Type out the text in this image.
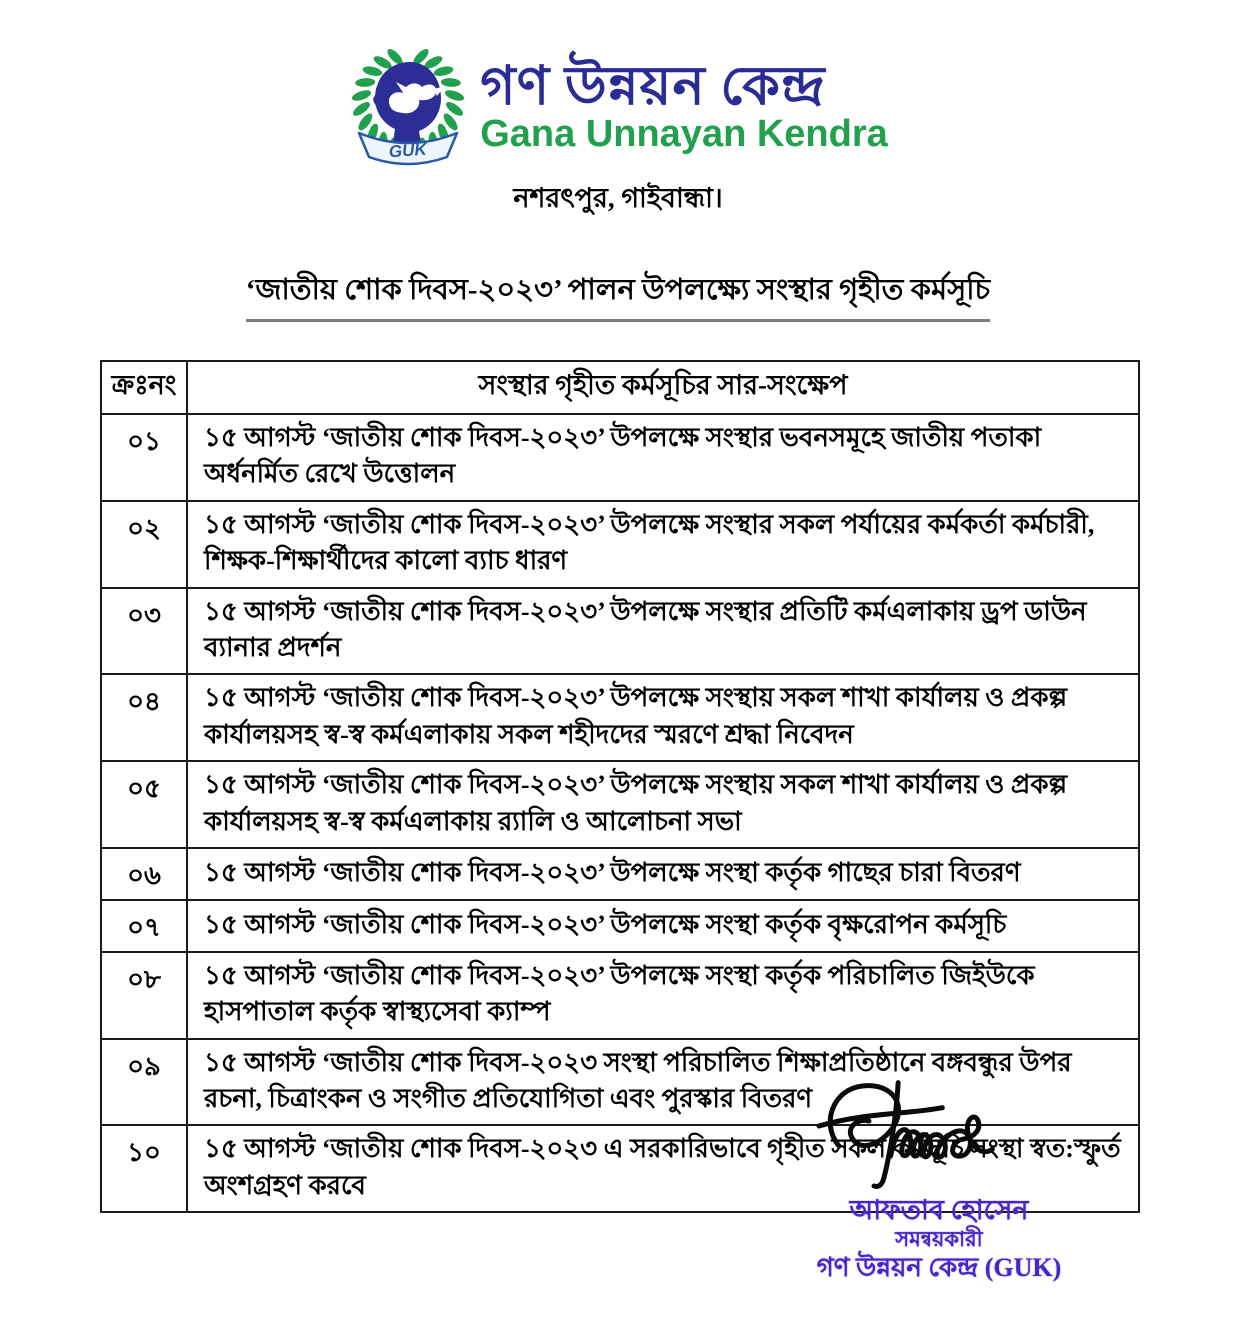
GUK
গণ উন্নয়ন কেন্দ্র
Gana Unnayan Kendra
নশরৎপুর, গাইবান্ধা।
‘জাতীয় শোক দিবস-২০২৩’ পালন উপলক্ষ্যে সংস্থার গৃহীত কর্মসূচি
ক্রঃনং	সংস্থার গৃহীত কর্মসূচির সার-সংক্ষেপ
০১	১৫ আগস্ট ‘জাতীয় শোক দিবস-২০২৩’ উপলক্ষে সংস্থার ভবনসমূহে জাতীয় পতাকা অর্ধনর্মিত রেখে উত্তোলন
০২	১৫ আগস্ট ‘জাতীয় শোক দিবস-২০২৩’ উপলক্ষে সংস্থার সকল পর্যায়ের কর্মকর্তা কর্মচারী, শিক্ষক-শিক্ষার্থীদের কালো ব্যাচ ধারণ
০৩	১৫ আগস্ট ‘জাতীয় শোক দিবস-২০২৩’ উপলক্ষে সংস্থার প্রতিটি কর্মএলাকায় ড্রপ ডাউন ব্যানার প্রদর্শন
০৪	১৫ আগস্ট ‘জাতীয় শোক দিবস-২০২৩’ উপলক্ষে সংস্থায় সকল শাখা কার্যালয় ও প্রকল্প কার্যালয়সহ স্ব-স্ব কর্মএলাকায় সকল শহীদদের স্মরণে শ্রদ্ধা নিবেদন
০৫	১৫ আগস্ট ‘জাতীয় শোক দিবস-২০২৩’ উপলক্ষে সংস্থায় সকল শাখা কার্যালয় ও প্রকল্প কার্যালয়সহ স্ব-স্ব কর্মএলাকায় র‍্যালি ও আলোচনা সভা
০৬	১৫ আগস্ট ‘জাতীয় শোক দিবস-২০২৩’ উপলক্ষে সংস্থা কর্তৃক গাছের চারা বিতরণ
০৭	১৫ আগস্ট ‘জাতীয় শোক দিবস-২০২৩’ উপলক্ষে সংস্থা কর্তৃক বৃক্ষরোপন কর্মসূচি
০৮	১৫ আগস্ট ‘জাতীয় শোক দিবস-২০২৩’ উপলক্ষে সংস্থা কর্তৃক পরিচালিত জিইউকে হাসপাতাল কর্তৃক স্বাস্থ্যসেবা ক্যাম্প
০৯	১৫ আগস্ট ‘জাতীয় শোক দিবস-২০২৩ সংস্থা পরিচালিত শিক্ষাপ্রতিষ্ঠানে বঙ্গবন্ধুর উপর রচনা, চিত্রাংকন ও সংগীত প্রতিযোগিতা এবং পুরস্কার বিতরণ
১০	১৫ আগস্ট ‘জাতীয় শোক দিবস-২০২৩ এ সরকারিভাবে গৃহীত সকল কর্মসূচি সংস্থা স্বত:স্ফুর্ত অংশগ্রহণ করবে
আফতাব হোসেন
সমন্বয়কারী
গণ উন্নয়ন কেন্দ্র (GUK)
